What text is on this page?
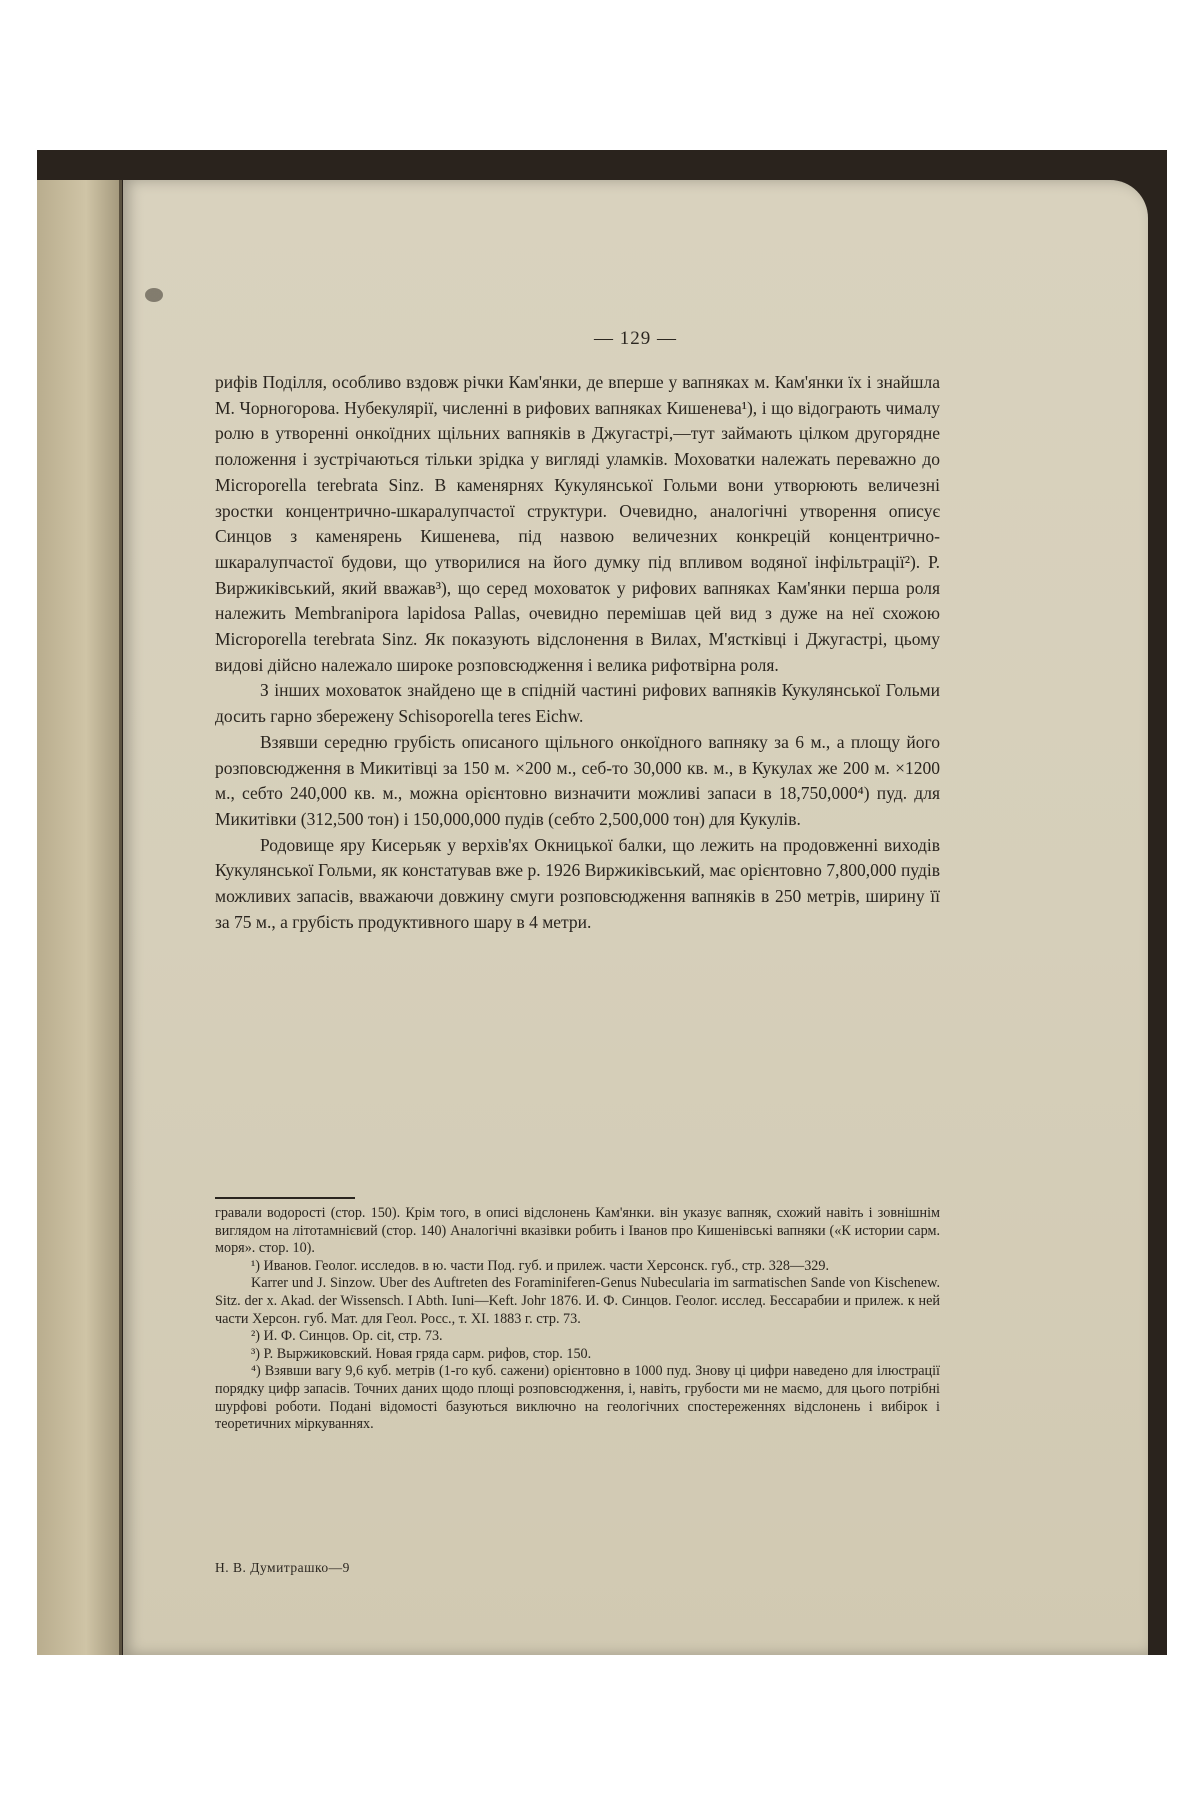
— 129 —

рифів Поділля, особливо вздовж річки Кам'янки, де вперше у вапняках м. Кам'янки їх і знайшла М. Чорногорова. Нубекулярії, численні в рифових вапняках Кишенева¹), і що відограють чималу ролю в утворенні онкоїдних щільних вапняків в Джугастрі,—тут займають цілком другорядне положення і зустрічаються тільки зрідка у вигляді уламків. Моховатки належать переважно до Microporella terebrata Sinz. В каменярнях Кукулянської Гольми вони утворюють величезні зростки концентрично-шкаралупчастої структури. Очевидно, аналогічні утворення описує Синцов з каменярень Кишенева, під назвою величезних конкрецій концентрично-шкаралупчастої будови, що утворилися на його думку під впливом водяної інфільтрації²). Р. Виржиківський, який вважав³), що серед моховаток у рифових вапняках Кам'янки перша роля належить Membranipora lapidosa Pallas, очевидно перемішав цей вид з дуже на неї схожою Microporella terebrata Sinz. Як показують відслонення в Вилах, М'ястківці і Джугастрі, цьому видові дійсно належало широке розповсюдження і велика рифотвірна роля.

З інших моховаток знайдено ще в спідній частині рифових вапняків Кукулянської Гольми досить гарно збережену Schisoporella teres Eichw.

Взявши середню грубість описаного щільного онкоїдного вапняку за 6 м., а площу його розповсюдження в Микитівці за 150 м. ×200 м., себ-то 30,000 кв. м., в Кукулах же 200 м. ×1200 м., себто 240,000 кв. м., можна орієнтовно визначити можливі запаси в 18,750,000⁴) пуд. для Микитівки (312,500 тон) і 150,000,000 пудів (себто 2,500,000 тон) для Кукулів.

Родовище яру Кисерьяк у верхів'ях Окницької балки, що лежить на продовженні виходів Кукулянської Гольми, як констатував вже р. 1926 Виржиківський, має орієнтовно 7,800,000 пудів можливих запасів, вважаючи довжину смуги розповсюдження вапняків в 250 метрів, ширину її за 75 м., а грубість продуктивного шару в 4 метри.

гравали водорості (стор. 150). Крім того, в описі відслонень Кам'янки. він указує вапняк, схожий навіть і зовнішнім виглядом на літотамнієвий (стор. 140) Аналогічні вказівки робить і Іванов про Кишенівські вапняки («К истории сарм. моря». стор. 10).

¹) Иванов. Геолог. исследов. в ю. части Под. губ. и прилеж. части Херсонск. губ., стр. 328—329.

Karrer und J. Sinzow. Uber des Auftreten des Foraminiferen-Genus Nubecularia im sarmatischen Sande von Kischenew. Sitz. der x. Akad. der Wissensch. I Abth. Iuni—Keft. Johr 1876. И. Ф. Синцов. Геолог. исслед. Бессарабии и прилеж. к ней части Херсон. губ. Мат. для Геол. Росс., т. XI. 1883 г. стр. 73.

²) И. Ф. Синцов. Op. cit, стр. 73.

³) Р. Выржиковский. Новая гряда сарм. рифов, стор. 150.

⁴) Взявши вагу 9,6 куб. метрів (1-го куб. сажени) орієнтовно в 1000 пуд. Знову ці цифри наведено для ілюстрації порядку цифр запасів. Точних даних щодо площі розповсюдження, і, навіть, грубости ми не маємо, для цього потрібні шурфові роботи. Подані відомості базуються виключно на геологічних спостереженнях відслонень і вибірок і теоретичних міркуваннях.

Н. В. Думитрашко—9
